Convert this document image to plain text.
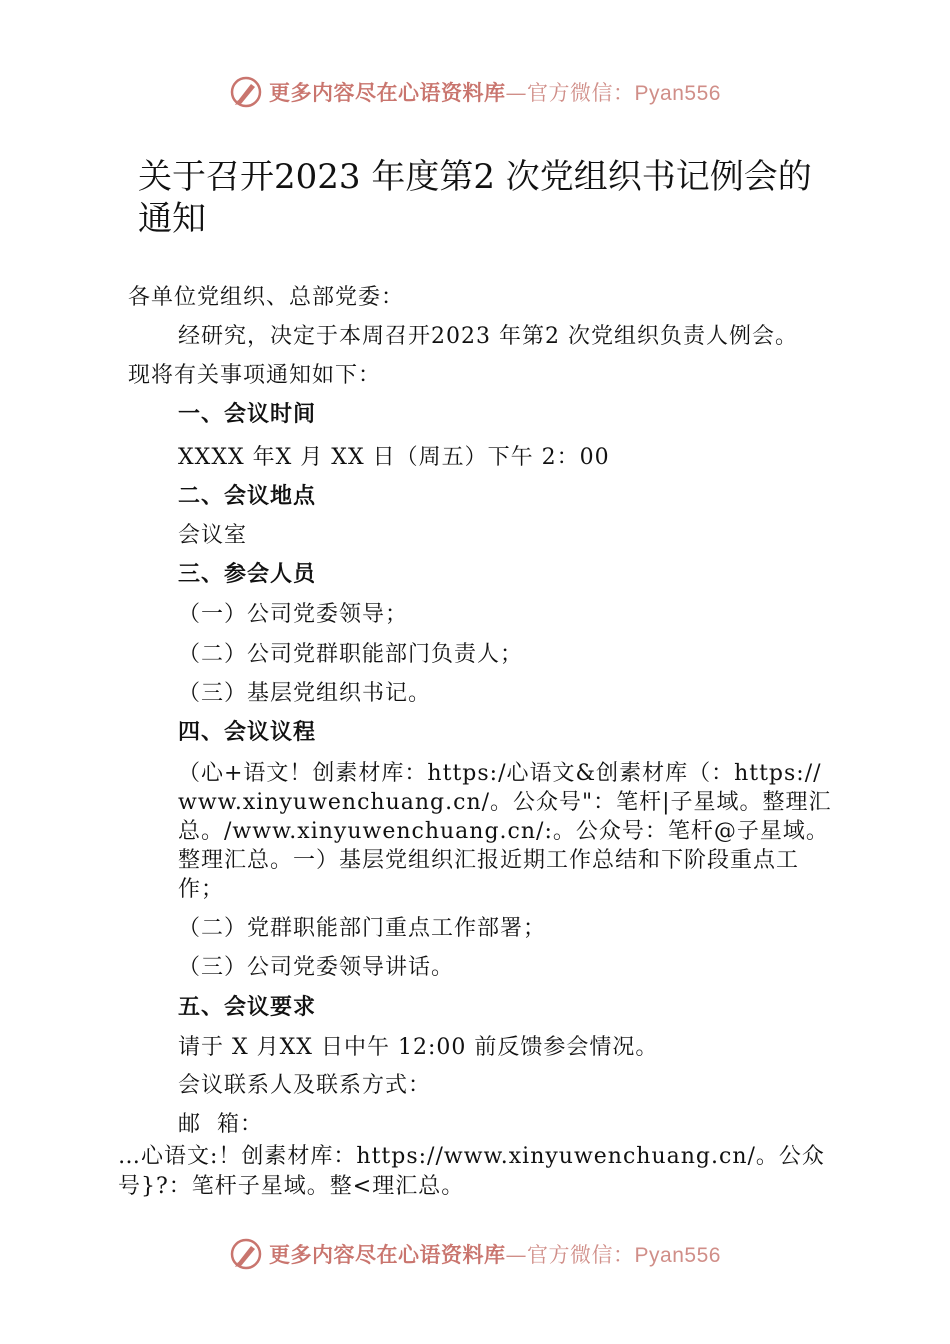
更多内容尽在心语资料库—官方微信：Pyan556
关于召开2023 年度第2 次党组织书记例会的通知
各单位党组织、总部党委：
经研究，决定于本周召开2023 年第2 次党组织负责人例会。
现将有关事项通知如下：
一、会议时间
XXXX 年X 月 XX 日（周五）下午 2：00
二、会议地点
会议室
三、参会人员
（一）公司党委领导；
（二）公司党群职能部门负责人；
（三）基层党组织书记。
四、会议议程
（心+语文！创素材库：https:/心语文&创素材库（：https://www.xinyuwenchuang.cn/。公众号"：笔杆|子星域。整理汇总。/www.xinyuwenchuang.cn/:。公众号：笔杆@子星域。整理汇总。一）基层党组织汇报近期工作总结和下阶段重点工作；
（二）党群职能部门重点工作部署；
（三）公司党委领导讲话。
五、会议要求
请于 X 月XX 日中午 12:00 前反馈参会情况。
会议联系人及联系方式：
邮  箱：
…心语文:！创素材库：https://www.xinyuwenchuang.cn/。公众号}?：笔杆子星域。整<理汇总。
更多内容尽在心语资料库—官方微信：Pyan556
